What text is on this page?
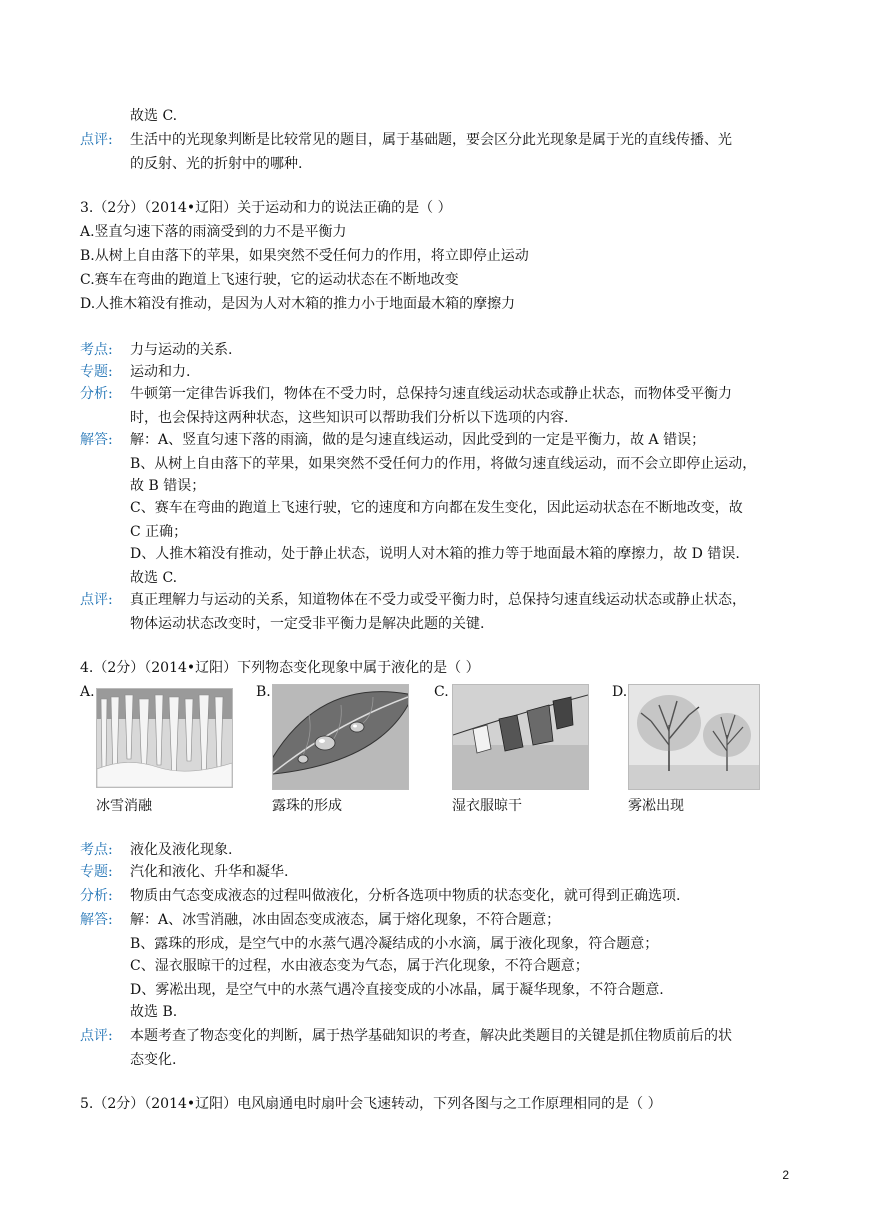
故选 C.
点评: 生活中的光现象判断是比较常见的题目，属于基础题，要会区分此光现象是属于光的直线传播、光
的反射、光的折射中的哪种.
3.（2分）（2014•辽阳）关于运动和力的说法正确的是（ ）
A.竖直匀速下落的雨滴受到的力不是平衡力
B.从树上自由落下的苹果，如果突然不受任何力的作用，将立即停止运动
C.赛车在弯曲的跑道上飞速行驶，它的运动状态在不断地改变
D.人推木箱没有推动，是因为人对木箱的推力小于地面最木箱的摩擦力
考点: 力与运动的关系.
专题: 运动和力.
分析: 牛顿第一定律告诉我们，物体在不受力时，总保持匀速直线运动状态或静止状态，而物体受平衡力
时，也会保持这两种状态，这些知识可以帮助我们分析以下选项的内容.
解答: 解：A、竖直匀速下落的雨滴，做的是匀速直线运动，因此受到的一定是平衡力，故 A 错误；
B、从树上自由落下的苹果，如果突然不受任何力的作用，将做匀速直线运动，而不会立即停止运动，
故 B 错误；
C、赛车在弯曲的跑道上飞速行驶，它的速度和方向都在发生变化，因此运动状态在不断地改变，故
C 正确；
D、人推木箱没有推动，处于静止状态，说明人对木箱的推力等于地面最木箱的摩擦力，故 D 错误.
故选 C.
点评: 真正理解力与运动的关系，知道物体在不受力或受平衡力时，总保持匀速直线运动状态或静止状态，
物体运动状态改变时，一定受非平衡力是解决此题的关键.
4.（2分）（2014•辽阳）下列物态变化现象中属于液化的是（ ）
A.
冰雪消融
B.
露珠的形成
C.
湿衣服晾干
D.
雾凇出现
考点: 液化及液化现象.
专题: 汽化和液化、升华和凝华.
分析: 物质由气态变成液态的过程叫做液化，分析各选项中物质的状态变化，就可得到正确选项.
解答: 解：A、冰雪消融，冰由固态变成液态，属于熔化现象，不符合题意；
B、露珠的形成，是空气中的水蒸气遇冷凝结成的小水滴，属于液化现象，符合题意；
C、湿衣服晾干的过程，水由液态变为气态，属于汽化现象，不符合题意；
D、雾凇出现，是空气中的水蒸气遇冷直接变成的小冰晶，属于凝华现象，不符合题意.
故选 B.
点评: 本题考查了物态变化的判断，属于热学基础知识的考查，解决此类题目的关键是抓住物质前后的状
态变化.
5.（2分）（2014•辽阳）电风扇通电时扇叶会飞速转动，下列各图与之工作原理相同的是（ ）
2
